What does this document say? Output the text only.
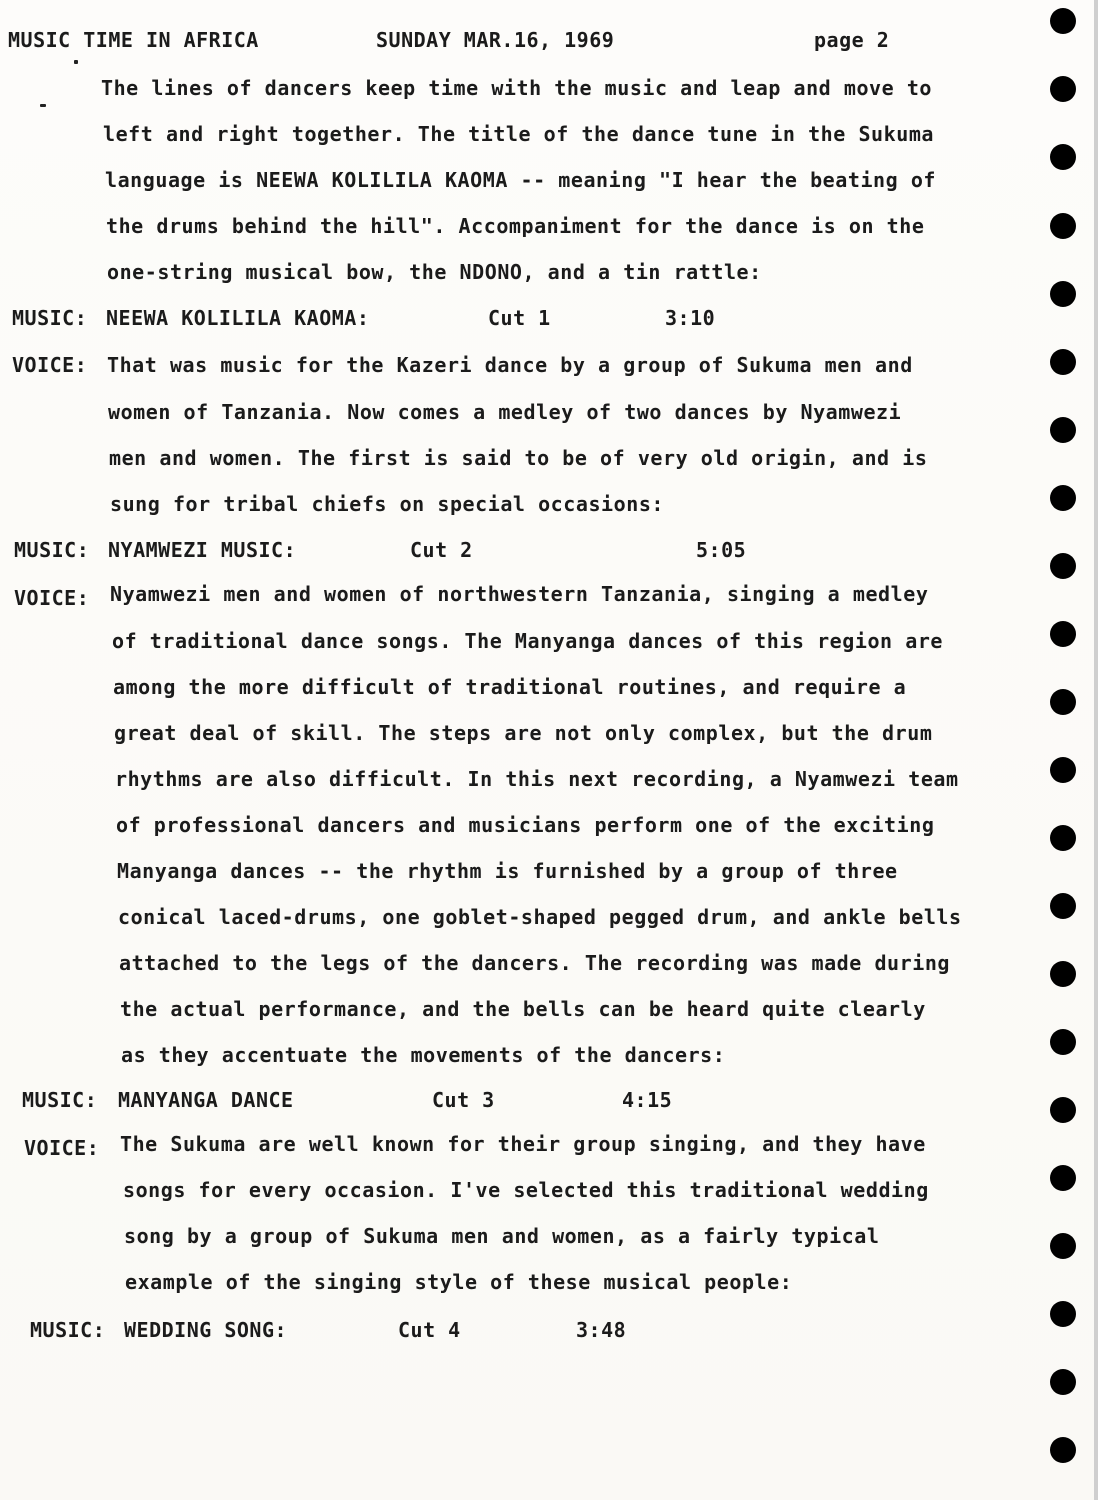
MUSIC TIME IN AFRICA	SUNDAY MAR.16, 1969	page 2
The lines of dancers keep time with the music and leap and move to
left and right together. The title of the dance tune in the Sukuma
language is NEEWA KOLILILA KAOMA -- meaning "I hear the beating of
the drums behind the hill". Accompaniment for the dance is on the
one-string musical bow, the NDONO, and a tin rattle:
MUSIC: NEEWA KOLILILA KAOMA:	Cut 1	3:10
VOICE: That was music for the Kazeri dance by a group of Sukuma men and
women of Tanzania. Now comes a medley of two dances by Nyamwezi
men and women. The first is said to be of very old origin, and is
sung for tribal chiefs on special occasions:
MUSIC: NYAMWEZI MUSIC:	Cut 2	5:05
VOICE: Nyamwezi men and women of northwestern Tanzania, singing a medley
of traditional dance songs. The Manyanga dances of this region are
among the more difficult of traditional routines, and require a
great deal of skill. The steps are not only complex, but the drum
rhythms are also difficult. In this next recording, a Nyamwezi team
of professional dancers and musicians perform one of the exciting
Manyanga dances -- the rhythm is furnished by a group of three
conical laced-drums, one goblet-shaped pegged drum, and ankle bells
attached to the legs of the dancers. The recording was made during
the actual performance, and the bells can be heard quite clearly
as they accentuate the movements of the dancers:
MUSIC: MANYANGA DANCE	Cut 3	4:15
VOICE: The Sukuma are well known for their group singing, and they have
songs for every occasion. I've selected this traditional wedding
song by a group of Sukuma men and women, as a fairly typical
example of the singing style of these musical people:
MUSIC: WEDDING SONG:	Cut 4	3:48
